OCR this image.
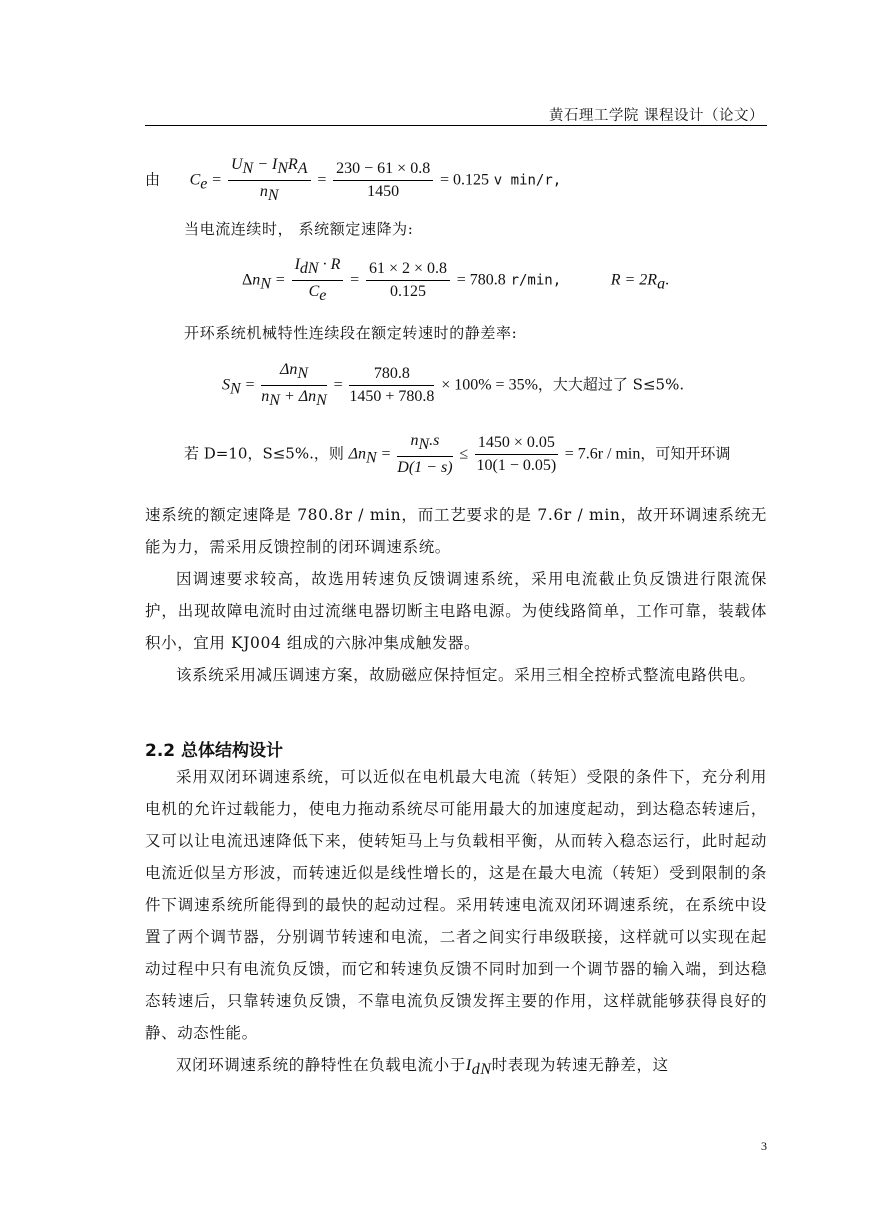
黄石理工学院 课程设计（论文）
由 $C_e = \frac{U_N - I_NR_A}{n_N} = \frac{230 - 61 \times 0.8}{1450} = 0.125$ v min/r,
当电流连续时， 系统额定速降为:
$\Delta n_N = \frac{I_{dN} \cdot R}{C_e} = \frac{61 \times 2 \times 0.8}{0.125} = 780.8$ r/min,	$R = 2R_a$.
开环系统机械特性连续段在额定转速时的静差率:
$S_N = \frac{\Delta n_N}{n_N + \Delta n_N} = \frac{780.8}{1450 + 780.8} \times 100\% = 35\%$，大大超过了 S≤5%.
若 D=10，S≤5%.，则 $\Delta n_N = \frac{n_N.s}{D(1 - s)} \le \frac{1450 \times 0.05}{10(1 - 0.05)} = 7.6r / \min$，可知开环调

速系统的额定速降是 780.8r / min，而工艺要求的是 7.6r / min，故开环调速系统无能为力，需采用反馈控制的闭环调速系统。

因调速要求较高，故选用转速负反馈调速系统，采用电流截止负反馈进行限流保护，出现故障电流时由过流继电器切断主电路电源。为使线路简单，工作可靠，装载体积小，宜用 KJ004 组成的六脉冲集成触发器。

该系统采用减压调速方案，故励磁应保持恒定。采用三相全控桥式整流电路供电。

2.2 总体结构设计

采用双闭环调速系统，可以近似在电机最大电流（转矩）受限的条件下，充分利用电机的允许过载能力，使电力拖动系统尽可能用最大的加速度起动，到达稳态转速后，又可以让电流迅速降低下来，使转矩马上与负载相平衡，从而转入稳态运行，此时起动电流近似呈方形波，而转速近似是线性增长的，这是在最大电流（转矩）受到限制的条件下调速系统所能得到的最快的起动过程。采用转速电流双闭环调速系统，在系统中设置了两个调节器，分别调节转速和电流，二者之间实行串级联接，这样就可以实现在起动过程中只有电流负反馈，而它和转速负反馈不同时加到一个调节器的输入端，到达稳态转速后，只靠转速负反馈，不靠电流负反馈发挥主要的作用，这样就能够获得良好的静、动态性能。

双闭环调速系统的静特性在负载电流小于$I_{dN}$时表现为转速无静差，这

3
